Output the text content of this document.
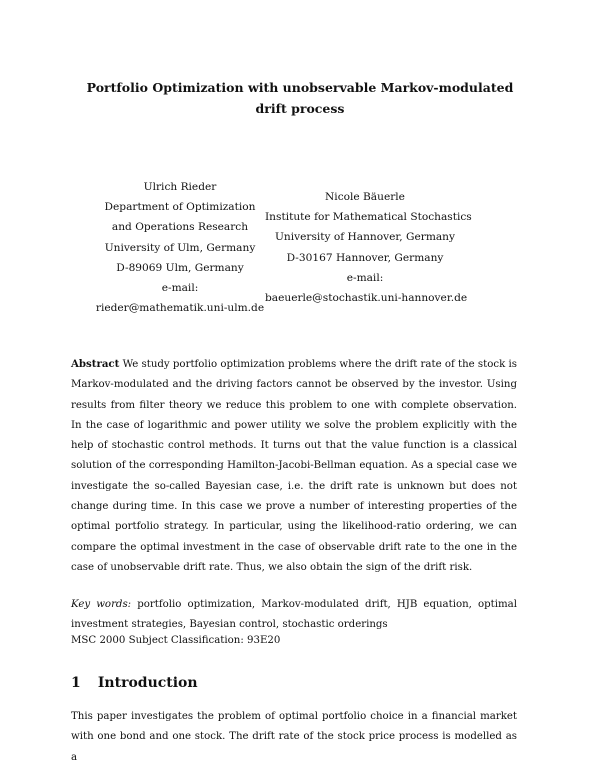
Portfolio Optimization with unobservable Markov-modulated drift process
Ulrich Rieder
Department of Optimization
and Operations Research
University of Ulm, Germany
D-89069 Ulm, Germany
e-mail:
rieder@mathematik.uni-ulm.de
Nicole Bäuerle
Institute for Mathematical Stochastics
University of Hannover, Germany
D-30167 Hannover, Germany
e-mail:
baeuerle@stochastik.uni-hannover.de
Abstract We study portfolio optimization problems where the drift rate of the stock is Markov-modulated and the driving factors cannot be observed by the investor. Using results from filter theory we reduce this problem to one with complete observation. In the case of logarithmic and power utility we solve the problem explicitly with the help of stochastic control methods. It turns out that the value function is a classical solution of the corresponding Hamilton-Jacobi-Bellman equation. As a special case we investigate the so-called Bayesian case, i.e. the drift rate is unknown but does not change during time. In this case we prove a number of interesting properties of the optimal portfolio strategy. In particular, using the likelihood-ratio ordering, we can compare the optimal investment in the case of observable drift rate to the one in the case of unobservable drift rate. Thus, we also obtain the sign of the drift risk.
Key words: portfolio optimization, Markov-modulated drift, HJB equation, optimal investment strategies, Bayesian control, stochastic orderings
MSC 2000 Subject Classification: 93E20
1 Introduction
This paper investigates the problem of optimal portfolio choice in a financial market with one bond and one stock. The drift rate of the stock price process is modelled as a
